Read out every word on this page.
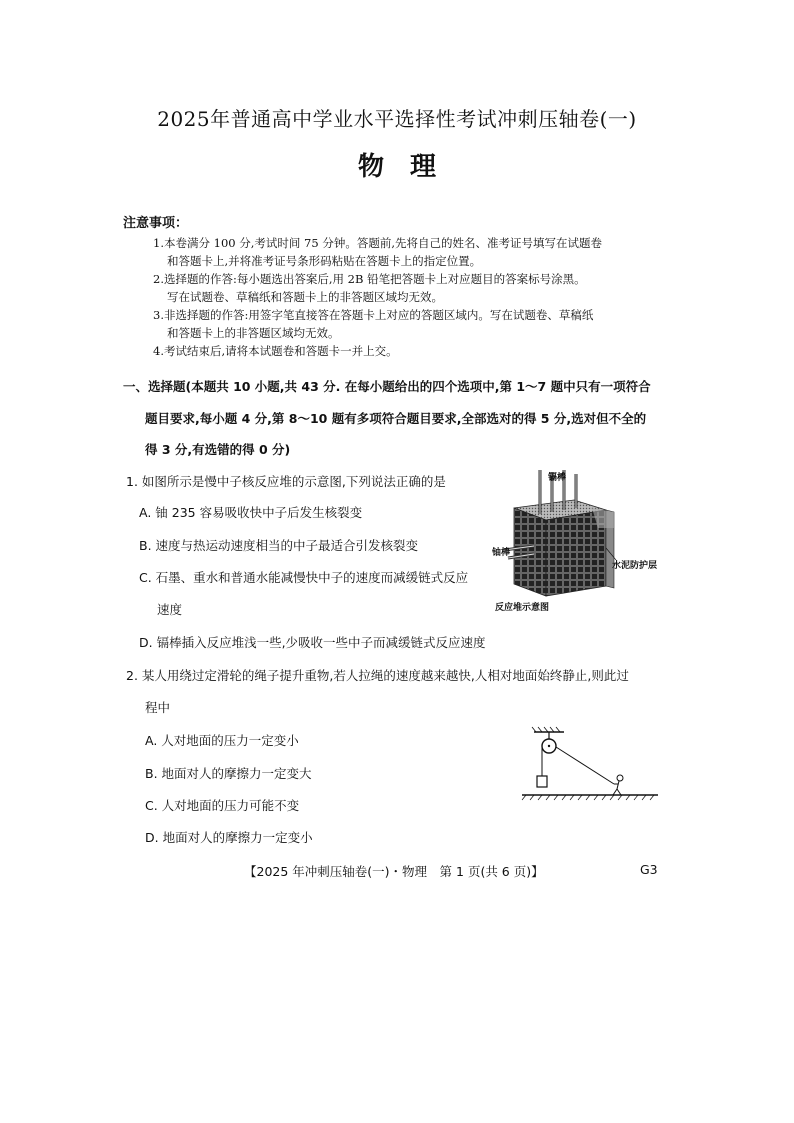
2025年普通高中学业水平选择性考试冲刺压轴卷(一)
物　理
注意事项：
1.本卷满分 100 分,考试时间 75 分钟。答题前,先将自己的姓名、准考证号填写在试题卷
和答题卡上,并将准考证号条形码粘贴在答题卡上的指定位置。
2.选择题的作答:每小题选出答案后,用 2B 铅笔把答题卡上对应题目的答案标号涂黑。
写在试题卷、草稿纸和答题卡上的非答题区域均无效。
3.非选择题的作答:用签字笔直接答在答题卡上对应的答题区域内。写在试题卷、草稿纸
和答题卡上的非答题区域均无效。
4.考试结束后,请将本试题卷和答题卡一并上交。
一、选择题(本题共 10 小题,共 43 分. 在每小题给出的四个选项中,第 1～7 题中只有一项符合
题目要求,每小题 4 分,第 8～10 题有多项符合题目要求,全部选对的得 5 分,选对但不全的
得 3 分,有选错的得 0 分)
1. 如图所示是慢中子核反应堆的示意图,下列说法正确的是
A. 铀 235 容易吸收快中子后发生核裂变
B. 速度与热运动速度相当的中子最适合引发核裂变
C. 石墨、重水和普通水能减慢快中子的速度而减缓链式反应
速度
D. 镉棒插入反应堆浅一些,少吸收一些中子而减缓链式反应速度
镉棒
铀棒
水泥防护层
反应堆示意图
2. 某人用绕过定滑轮的绳子提升重物,若人拉绳的速度越来越快,人相对地面始终静止,则此过
程中
A. 人对地面的压力一定变小
B. 地面对人的摩擦力一定变大
C. 人对地面的压力可能不变
D. 地面对人的摩擦力一定变小
【2025 年冲刺压轴卷(一)・物理　第 1 页(共 6 页)】	G3
